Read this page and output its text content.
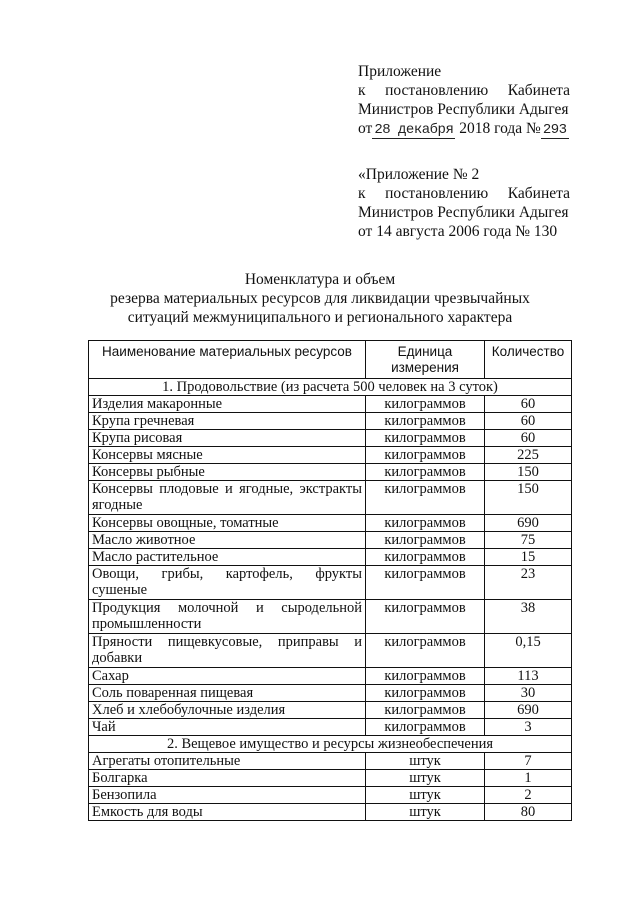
Приложение
к постановлению Кабинета
Министров Республики Адыгея
от 28 декабря 2018 года № 293
«Приложение № 2
к постановлению Кабинета
Министров Республики Адыгея
от 14 августа 2006 года № 130
Номенклатура и объем
резерва материальных ресурсов для ликвидации чрезвычайных
ситуаций межмуниципального и регионального характера
Наименование материальных ресурсов	Единица измерения	Количество
1. Продовольствие (из расчета 500 человек на 3 суток)		
Изделия макаронные	килограммов	60
Крупа гречневая	килограммов	60
Крупа рисовая	килограммов	60
Консервы мясные	килограммов	225
Консервы рыбные	килограммов	150
Консервы плодовые и ягодные, экстракты ягодные	килограммов	150
Консервы овощные, томатные	килограммов	690
Масло животное	килограммов	75
Масло растительное	килограммов	15
Овощи, грибы, картофель, фрукты сушеные	килограммов	23
Продукция молочной и сыродельной промышленности	килограммов	38
Пряности пищевкусовые, приправы и добавки	килограммов	0,15
Сахар	килограммов	113
Соль поваренная пищевая	килограммов	30
Хлеб и хлебобулочные изделия	килограммов	690
Чай	килограммов	3
2. Вещевое имущество и ресурсы жизнеобеспечения		
Агрегаты отопительные	штук	7
Болгарка	штук	1
Бензопила	штук	2
Емкость для воды	штук	80
